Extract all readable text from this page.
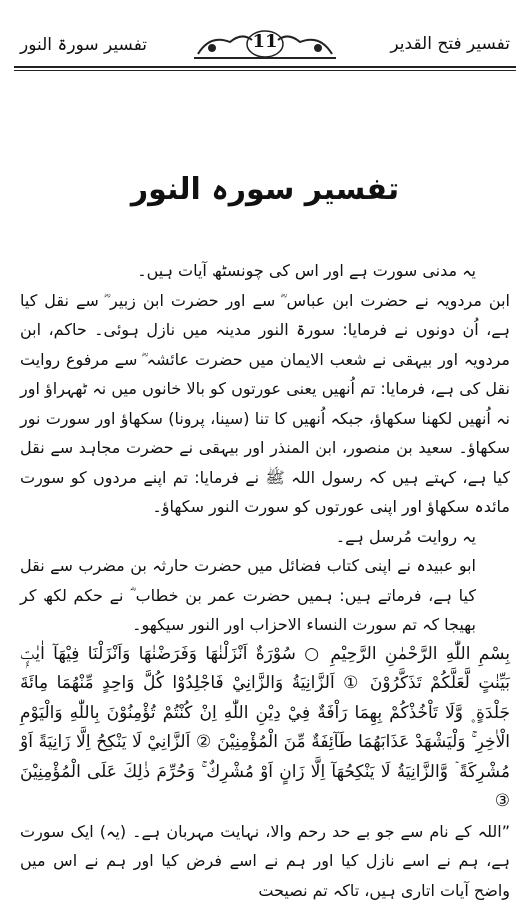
تفسیر سورۃ النور	11	تفسیر فتح القدیر
تفسیر سورہ النور

یہ مدنی سورت ہے اور اس کی چونسٹھ آیات ہیں۔

ابن مردویہ نے حضرت ابن عباس ؓ سے اور حضرت ابن زبیر ؓ سے نقل کیا ہے، اُن دونوں نے فرمایا: سورۃ النور مدینہ میں نازل ہوئی۔ حاکم، ابن مردویہ اور بیہقی نے شعب الایمان میں حضرت عائشہ ؓ سے مرفوع روایت نقل کی ہے، فرمایا: تم اُنھیں یعنی عورتوں کو بالا خانوں میں نہ ٹھہراؤ اور نہ اُنھیں لکھنا سکھاؤ، جبکہ اُنھیں کا تنا (سینا، پرونا) سکھاؤ اور سورت نور سکھاؤ۔ سعید بن منصور، ابن المنذر اور بیہقی نے حضرت مجاہد سے نقل کیا ہے، کہتے ہیں کہ رسول اللہ ﷺ نے فرمایا: تم اپنے مردوں کو سورت مائدہ سکھاؤ اور اپنی عورتوں کو سورت النور سکھاؤ۔

یہ روایت مُرسل ہے۔

ابو عبیدہ نے اپنی کتاب فضائل میں حضرت حارثہ بن مضرب سے نقل کیا ہے، فرماتے ہیں: ہمیں حضرت عمر بن خطاب ؓ نے حکم لکھ کر بھیجا کہ تم سورت النساء الاحزاب اور النور سیکھو۔

بِسْمِ اللّٰهِ الرَّحْمٰنِ الرَّحِيْمِ ○ سُوْرَةٌ اَنْزَلْنٰهَا وَفَرَضْنٰهَا وَاَنْزَلْنَا فِيْهَآ اٰيٰتٍۭ بَيِّنٰتٍ لَّعَلَّكُمْ تَذَكَّرُوْنَ ① اَلزَّانِيَةُ وَالزَّانِيْ فَاجْلِدُوْا كُلَّ وَاحِدٍ مِّنْهُمَا مِائَةَ جَلْدَةٍ ۪ وَّلَا تَاْخُذْكُمْ بِهِمَا رَاْفَةٌ فِيْ دِيْنِ اللّٰهِ اِنْ كُنْتُمْ تُؤْمِنُوْنَ بِاللّٰهِ وَالْيَوْمِ الْاٰخِرِ ۚ وَلْيَشْهَدْ عَذَابَهُمَا طَآئِفَةٌ مِّنَ الْمُؤْمِنِيْنَ ② اَلزَّانِيْ لَا يَنْكِحُ اِلَّا زَانِيَةً اَوْ مُشْرِكَةً ۡ وَّالزَّانِيَةُ لَا يَنْكِحُهَآ اِلَّا زَانٍ اَوْ مُشْرِكٌ ۚ وَحُرِّمَ ذٰلِكَ عَلَى الْمُؤْمِنِيْنَ ③

”اللہ کے نام سے جو بے حد رحم والا، نہایت مہربان ہے۔ (یہ) ایک سورت ہے، ہم نے اسے نازل کیا اور ہم نے اسے فرض کیا اور ہم نے اس میں واضح آیات اتاری ہیں، تاکہ تم نصیحت
